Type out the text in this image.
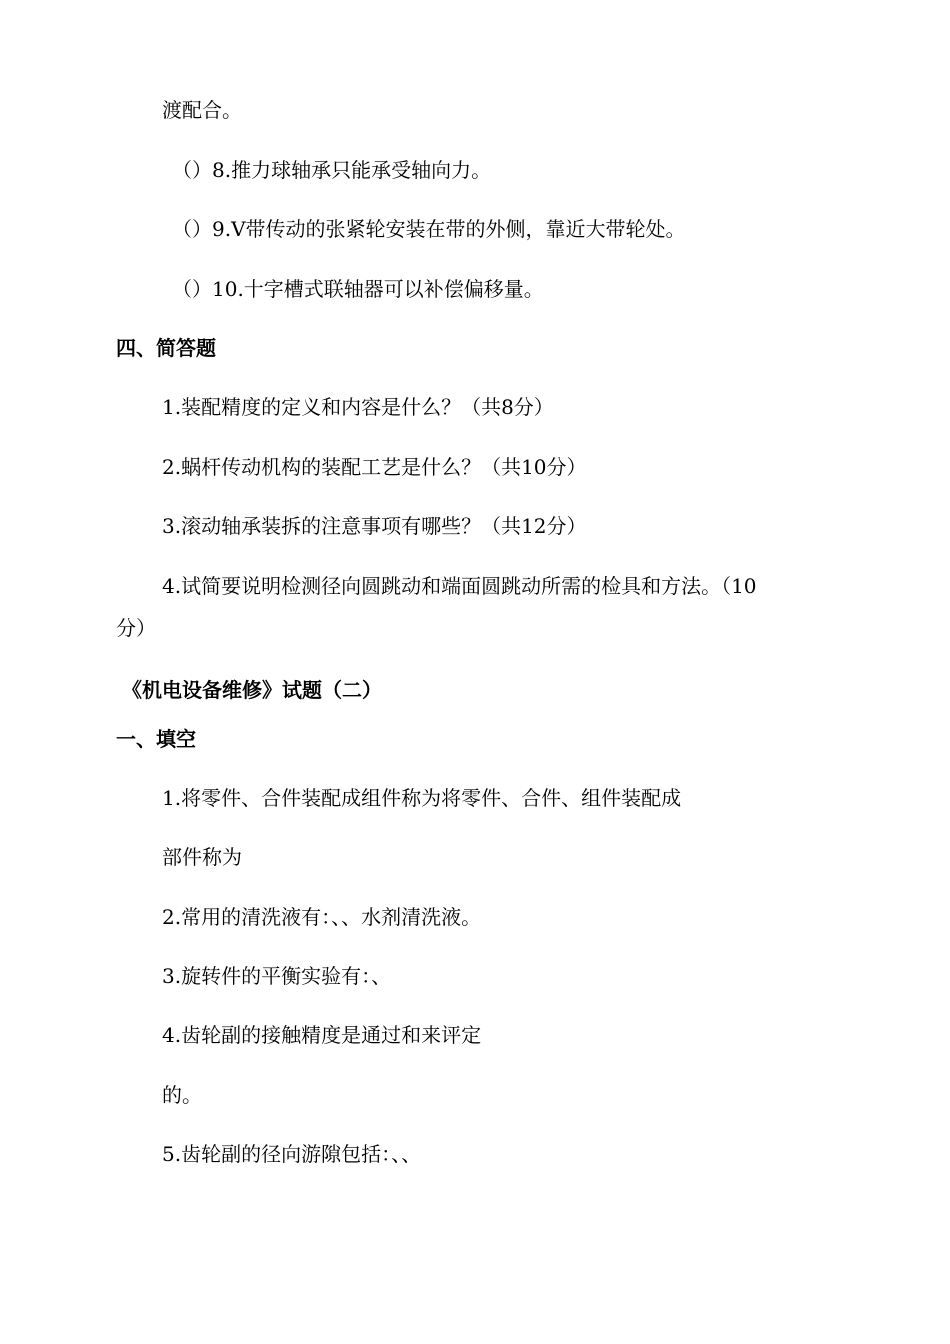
渡配合。
（）8.推力球轴承只能承受轴向力。
（）9.V带传动的张紧轮安装在带的外侧，靠近大带轮处。
（）10.十字槽式联轴器可以补偿偏移量。
四、简答题
1.装配精度的定义和内容是什么？（共8分）
2.蜗杆传动机构的装配工艺是什么？（共10分）
3.滚动轴承装拆的注意事项有哪些？（共12分）
4.试简要说明检测径向圆跳动和端面圆跳动所需的检具和方法。（10
分）
《机电设备维修》试题（二）
一、填空
1.将零件、合件装配成组件称为将零件、合件、组件装配成
部件称为
2.常用的清洗液有：、、水剂清洗液。
3.旋转件的平衡实验有：、
4.齿轮副的接触精度是通过和来评定
的。
5.齿轮副的径向游隙包括：、、
